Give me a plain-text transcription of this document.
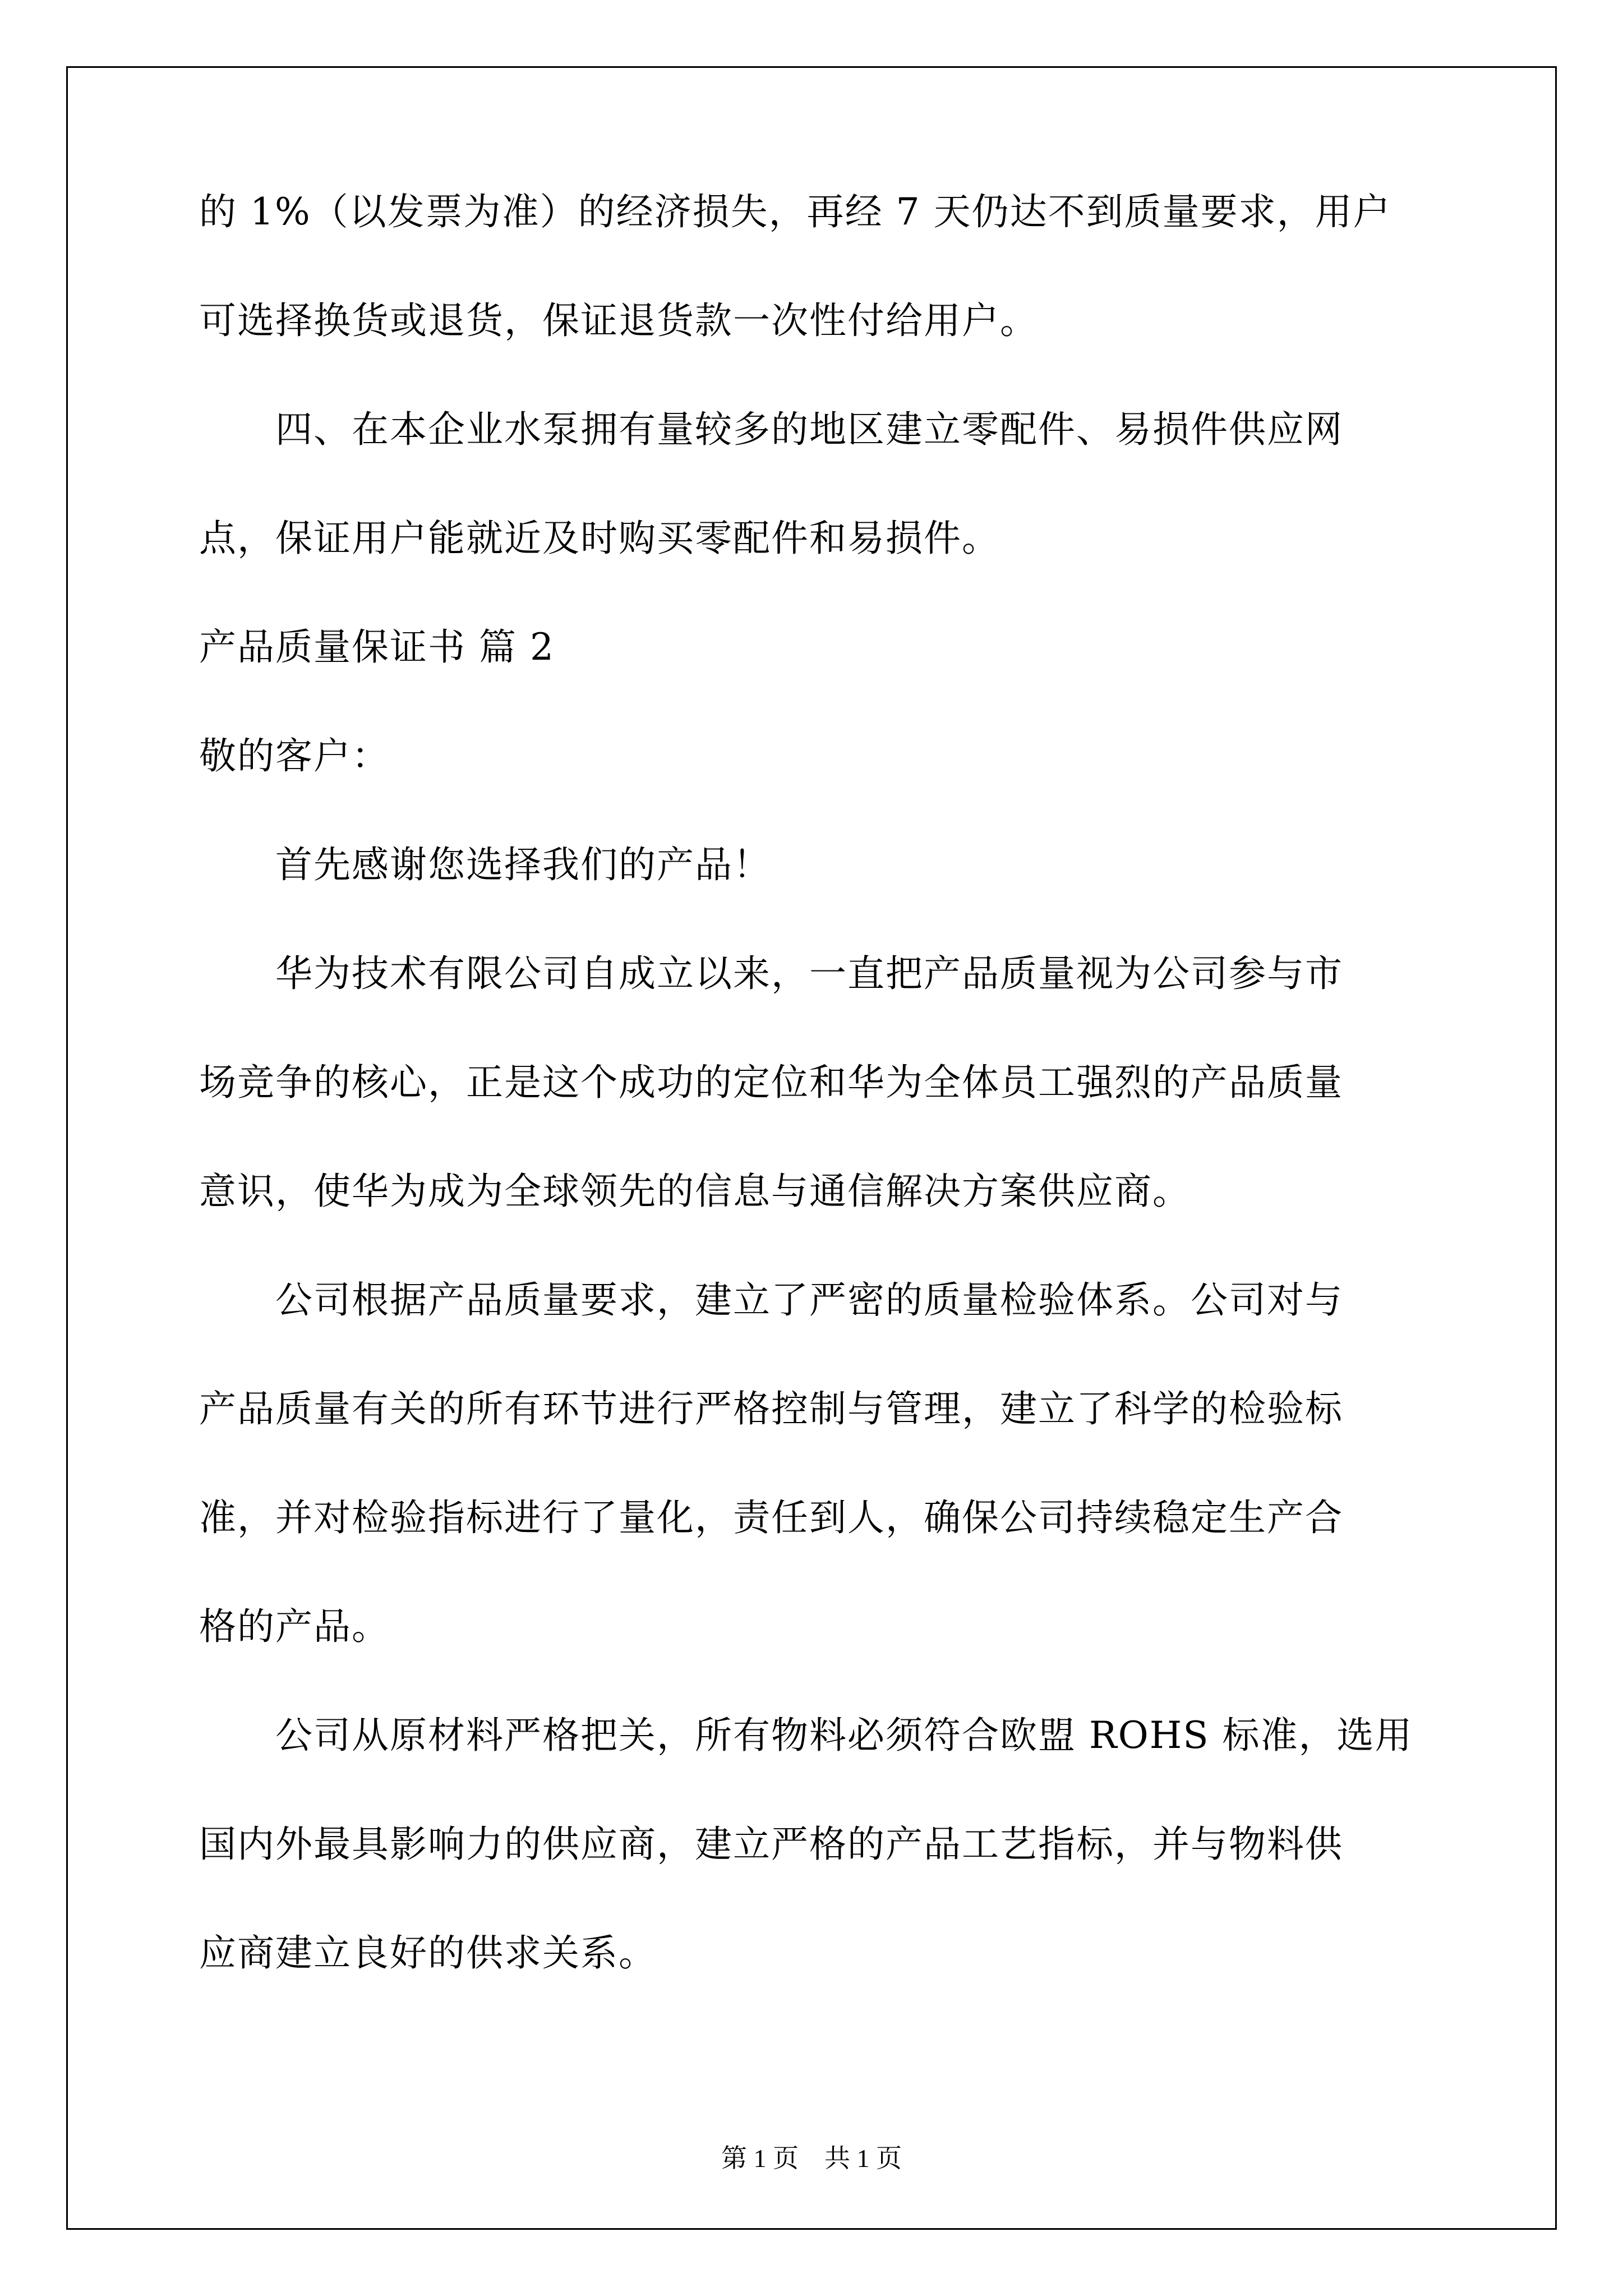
的 1%（以发票为准）的经济损失，再经 7 天仍达不到质量要求，用户

可选择换货或退货，保证退货款一次性付给用户。

　　四、在本企业水泵拥有量较多的地区建立零配件、易损件供应网

点，保证用户能就近及时购买零配件和易损件。

产品质量保证书 篇 2

敬的客户：

　　首先感谢您选择我们的产品！

　　华为技术有限公司自成立以来，一直把产品质量视为公司参与市

场竞争的核心，正是这个成功的定位和华为全体员工强烈的产品质量

意识，使华为成为全球领先的信息与通信解决方案供应商。

　　公司根据产品质量要求，建立了严密的质量检验体系。公司对与

产品质量有关的所有环节进行严格控制与管理，建立了科学的检验标

准，并对检验指标进行了量化，责任到人，确保公司持续稳定生产合

格的产品。

　　公司从原材料严格把关，所有物料必须符合欧盟 ROHS 标准，选用

国内外最具影响力的供应商，建立严格的产品工艺指标，并与物料供

应商建立良好的供求关系。

第 1 页 共 1 页
